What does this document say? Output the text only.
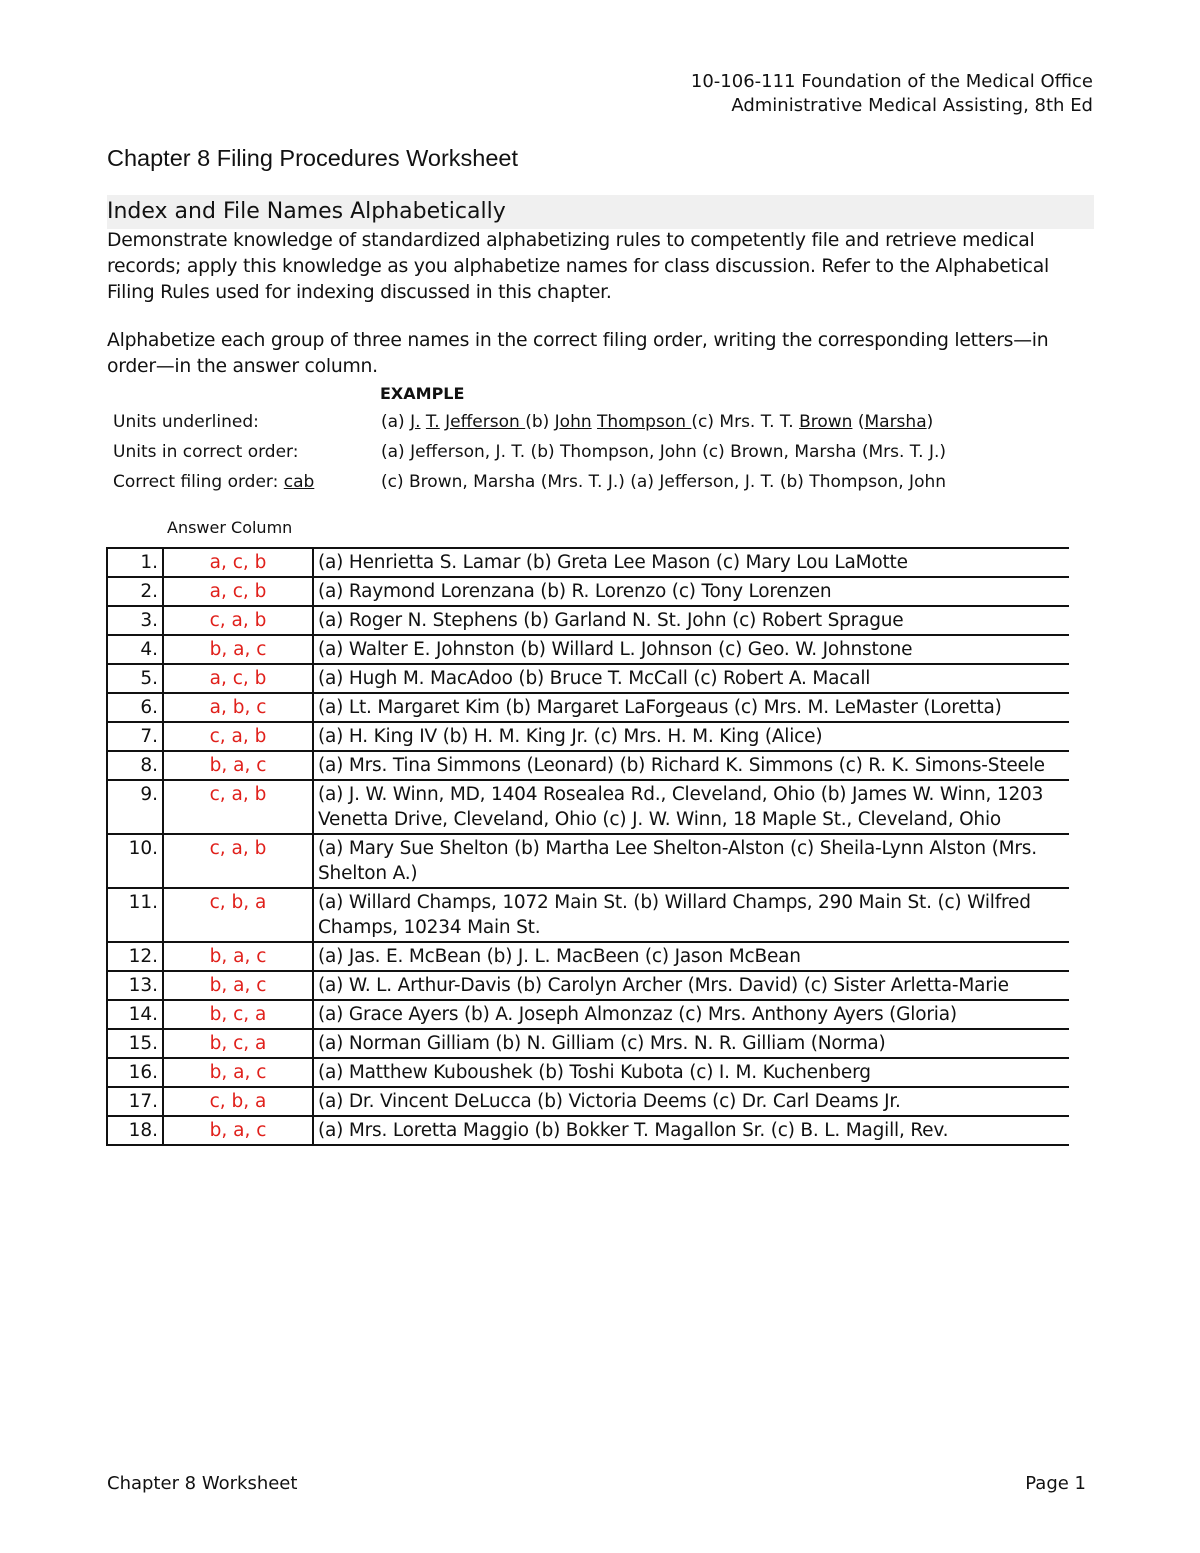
10-106-111 Foundation of the Medical Office
Administrative Medical Assisting, 8th Ed
Chapter 8 Filing Procedures Worksheet
Index and File Names Alphabetically

Demonstrate knowledge of standardized alphabetizing rules to competently file and retrieve medical records; apply this knowledge as you alphabetize names for class discussion. Refer to the Alphabetical Filing Rules used for indexing discussed in this chapter.

Alphabetize each group of three names in the correct filing order, writing the corresponding letters—in order—in the answer column.

EXAMPLE
Units underlined:	(a) J. T. Jefferson (b) John Thompson (c) Mrs. T. T. Brown (Marsha)
Units in correct order:	(a) Jefferson, J. T. (b) Thompson, John (c) Brown, Marsha (Mrs. T. J.)
Correct filing order: cab	(c) Brown, Marsha (Mrs. T. J.) (a) Jefferson, J. T. (b) Thompson, John
Answer Column
1.	a, c, b	(a) Henrietta S. Lamar (b) Greta Lee Mason (c) Mary Lou LaMotte
2.	a, c, b	(a) Raymond Lorenzana (b) R. Lorenzo (c) Tony Lorenzen
3.	c, a, b	(a) Roger N. Stephens (b) Garland N. St. John (c) Robert Sprague
4.	b, a, c	(a) Walter E. Johnston (b) Willard L. Johnson (c) Geo. W. Johnstone
5.	a, c, b	(a) Hugh M. MacAdoo (b) Bruce T. McCall (c) Robert A. Macall
6.	a, b, c	(a) Lt. Margaret Kim (b) Margaret LaForgeaus (c) Mrs. M. LeMaster (Loretta)
7.	c, a, b	(a) H. King IV (b) H. M. King Jr. (c) Mrs. H. M. King (Alice)
8.	b, a, c	(a) Mrs. Tina Simmons (Leonard) (b) Richard K. Simmons (c) R. K. Simons-Steele
9.	c, a, b	(a) J. W. Winn, MD, 1404 Rosealea Rd., Cleveland, Ohio (b) James W. Winn, 1203 Venetta Drive, Cleveland, Ohio (c) J. W. Winn, 18 Maple St., Cleveland, Ohio
10.	c, a, b	(a) Mary Sue Shelton (b) Martha Lee Shelton-Alston (c) Sheila-Lynn Alston (Mrs. Shelton A.)
11.	c, b, a	(a) Willard Champs, 1072 Main St. (b) Willard Champs, 290 Main St. (c) Wilfred Champs, 10234 Main St.
12.	b, a, c	(a) Jas. E. McBean (b) J. L. MacBeen (c) Jason McBean
13.	b, a, c	(a) W. L. Arthur-Davis (b) Carolyn Archer (Mrs. David) (c) Sister Arletta-Marie
14.	b, c, a	(a) Grace Ayers (b) A. Joseph Almonzaz (c) Mrs. Anthony Ayers (Gloria)
15.	b, c, a	(a) Norman Gilliam (b) N. Gilliam (c) Mrs. N. R. Gilliam (Norma)
16.	b, a, c	(a) Matthew Kuboushek (b) Toshi Kubota (c) I. M. Kuchenberg
17.	c, b, a	(a) Dr. Vincent DeLucca (b) Victoria Deems (c) Dr. Carl Deams Jr.
18.	b, a, c	(a) Mrs. Loretta Maggio (b) Bokker T. Magallon Sr. (c) B. L. Magill, Rev.
Chapter 8 Worksheet	Page 1
